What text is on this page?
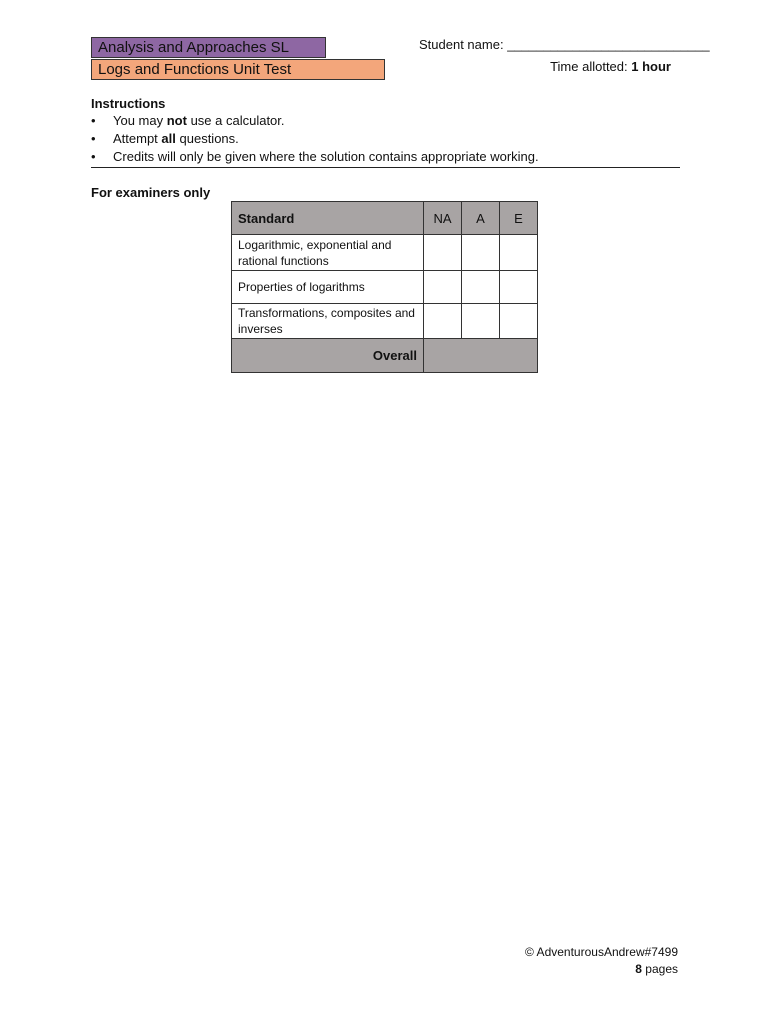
Analysis and Approaches SL
Logs and Functions Unit Test
Student name: ____________________________
Time allotted: 1 hour
Instructions
• You may not use a calculator.
• Attempt all questions.
• Credits will only be given where the solution contains appropriate working.
For examiners only
Standard	NA	A	E
Logarithmic, exponential and rational functions			
Properties of logarithms			
Transformations, composites and inverses			
Overall			
© AdventurousAndrew#7499
8 pages
